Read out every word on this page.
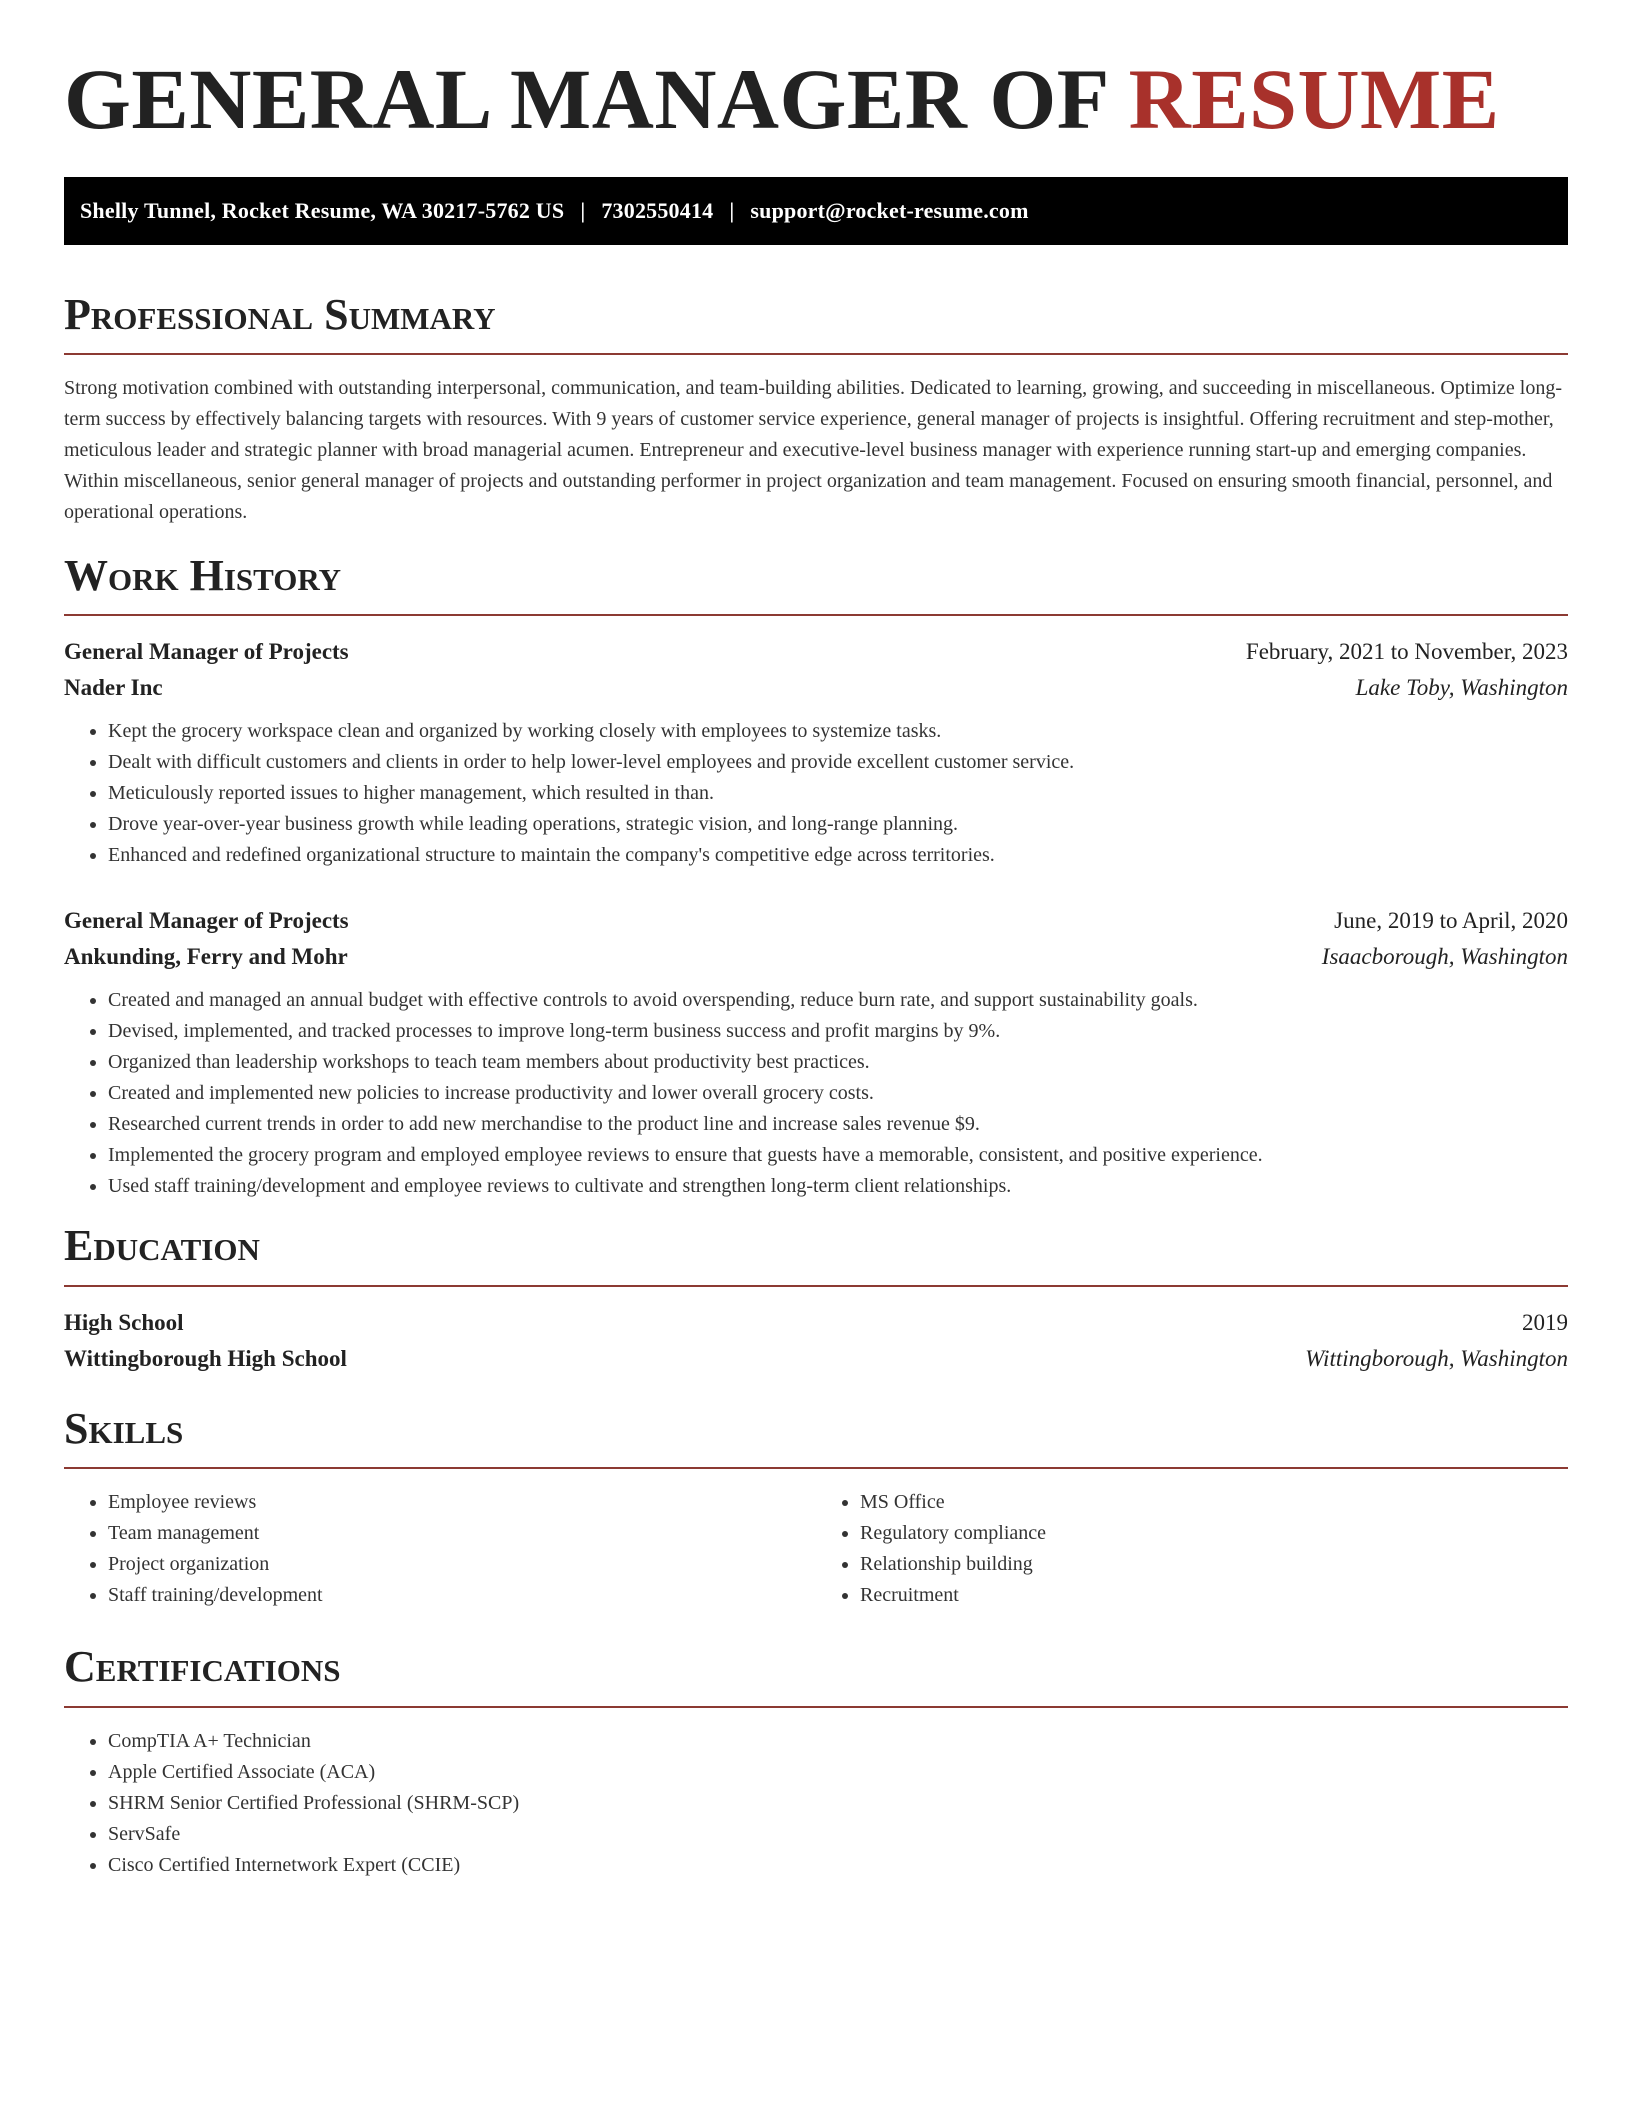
GENERAL MANAGER OF RESUME
Shelly Tunnel, Rocket Resume, WA 30217-5762 US | 7302550414 | support@rocket-resume.com
Professional Summary

Strong motivation combined with outstanding interpersonal, communication, and team-building abilities. Dedicated to learning, growing, and succeeding in miscellaneous. Optimize long-term success by effectively balancing targets with resources. With 9 years of customer service experience, general manager of projects is insightful. Offering recruitment and step-mother, meticulous leader and strategic planner with broad managerial acumen. Entrepreneur and executive-level business manager with experience running start-up and emerging companies. Within miscellaneous, senior general manager of projects and outstanding performer in project organization and team management. Focused on ensuring smooth financial, personnel, and operational operations.

Work History
General Manager of Projects	February, 2021 to November, 2023
Nader Inc	Lake Toby, Washington
• Kept the grocery workspace clean and organized by working closely with employees to systemize tasks.
• Dealt with difficult customers and clients in order to help lower-level employees and provide excellent customer service.
• Meticulously reported issues to higher management, which resulted in than.
• Drove year-over-year business growth while leading operations, strategic vision, and long-range planning.
• Enhanced and redefined organizational structure to maintain the company's competitive edge across territories.
General Manager of Projects	June, 2019 to April, 2020
Ankunding, Ferry and Mohr	Isaacborough, Washington
• Created and managed an annual budget with effective controls to avoid overspending, reduce burn rate, and support sustainability goals.
• Devised, implemented, and tracked processes to improve long-term business success and profit margins by 9%.
• Organized than leadership workshops to teach team members about productivity best practices.
• Created and implemented new policies to increase productivity and lower overall grocery costs.
• Researched current trends in order to add new merchandise to the product line and increase sales revenue $9.
• Implemented the grocery program and employed employee reviews to ensure that guests have a memorable, consistent, and positive experience.
• Used staff training/development and employee reviews to cultivate and strengthen long-term client relationships.
Education
High School	2019
Wittingborough High School	Wittingborough, Washington
Skills
• Employee reviews
• Team management
• Project organization
• Staff training/development
• MS Office
• Regulatory compliance
• Relationship building
• Recruitment
Certifications
• CompTIA A+ Technician
• Apple Certified Associate (ACA)
• SHRM Senior Certified Professional (SHRM-SCP)
• ServSafe
• Cisco Certified Internetwork Expert (CCIE)
